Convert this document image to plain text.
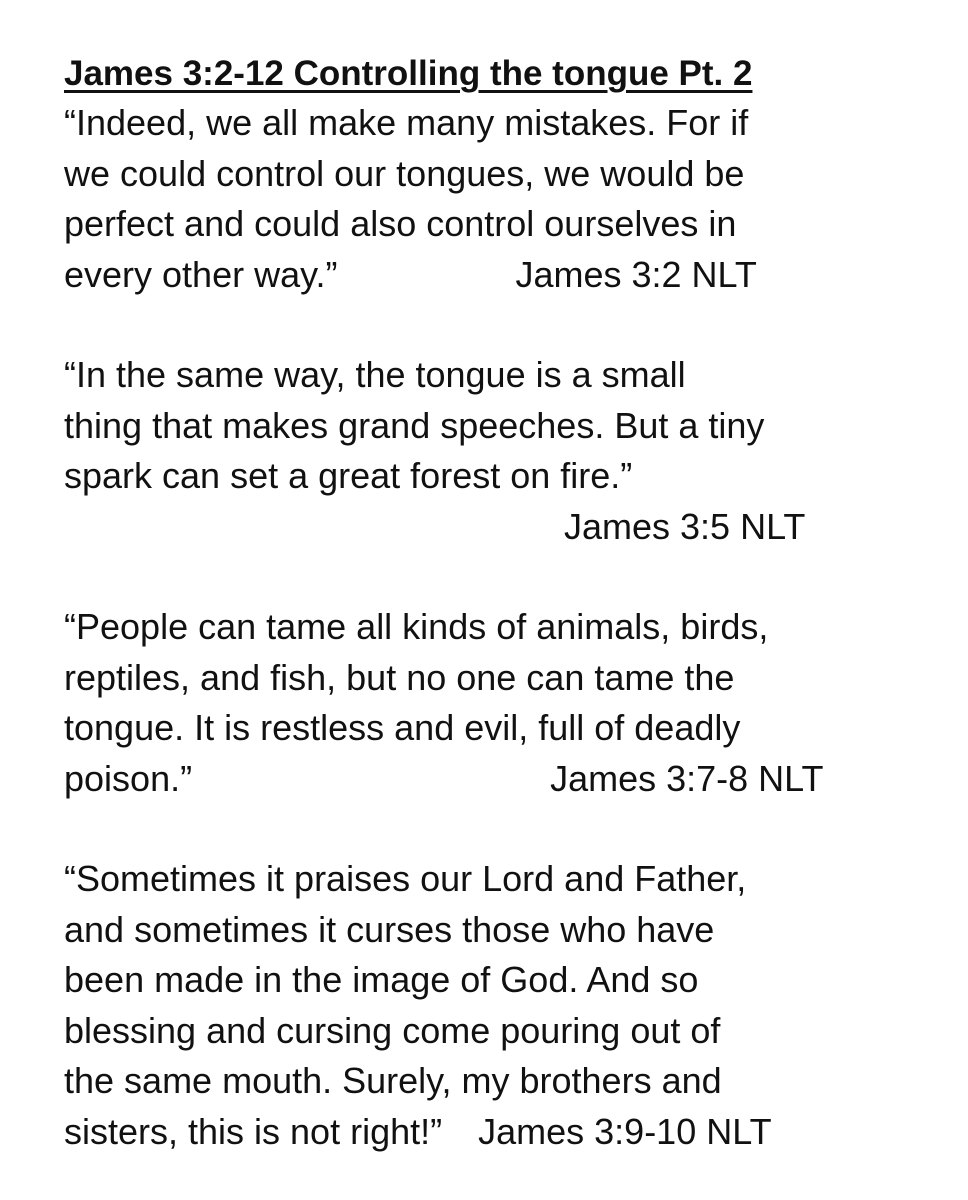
James 3:2-12 Controlling the tongue Pt. 2
“Indeed, we all make many mistakes. For if
we could control our tongues, we would be
perfect and could also control ourselves in
every other way.”	James 3:2 NLT
“In the same way, the tongue is a small
thing that makes grand speeches. But a tiny
spark can set a great forest on fire.”
James 3:5 NLT
“People can tame all kinds of animals, birds,
reptiles, and fish, but no one can tame the
tongue. It is restless and evil, full of deadly
poison.”	James 3:7-8 NLT
“Sometimes it praises our Lord and Father,
and sometimes it curses those who have
been made in the image of God. And so
blessing and cursing come pouring out of
the same mouth. Surely, my brothers and
sisters, this is not right!” James 3:9-10 NLT
